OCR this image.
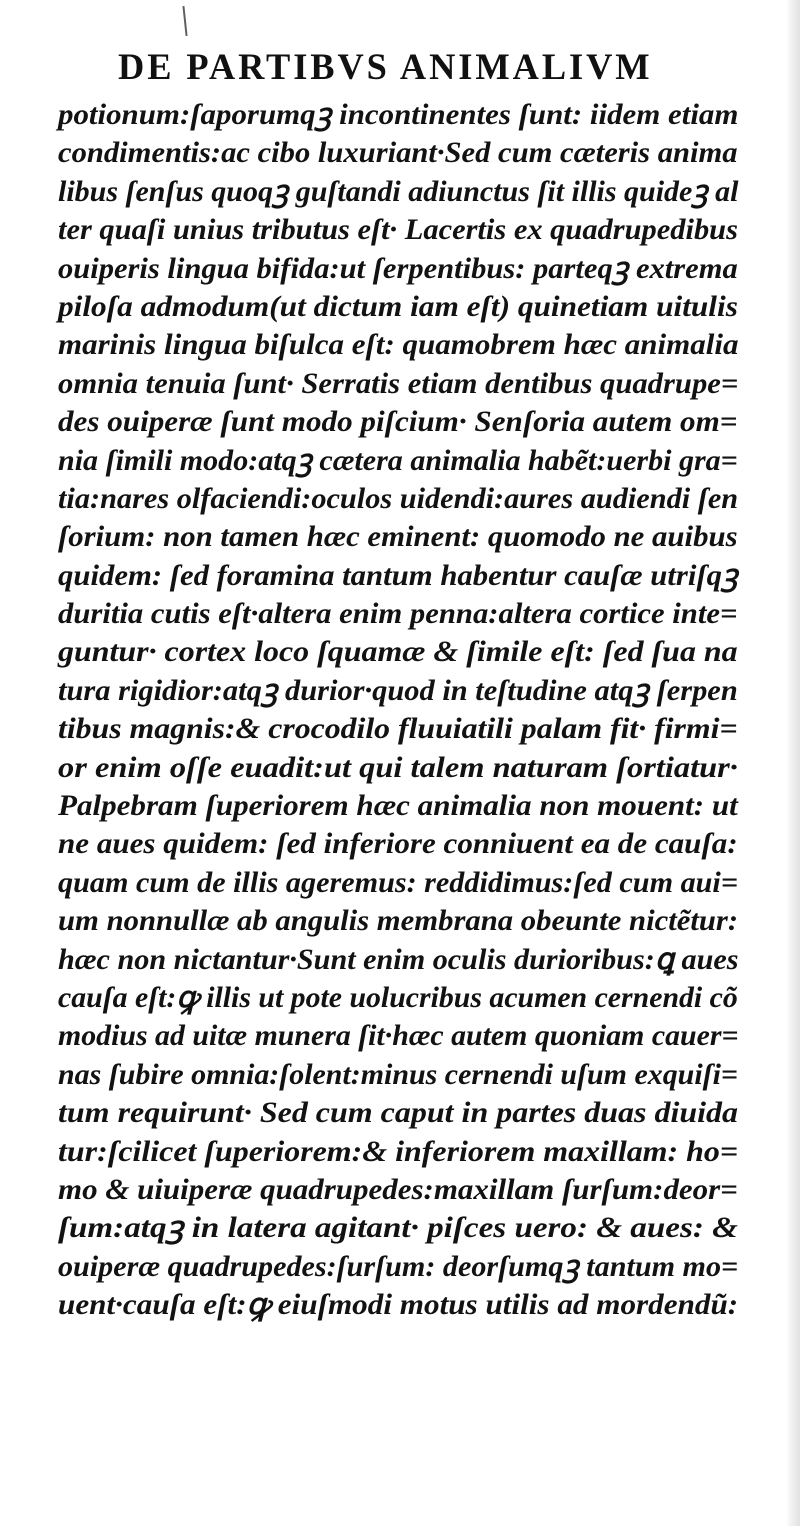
DE PARTIBVS ANIMALIVM
potionum:ſaporumqꝫ incontinentes ſunt: iidem etiam
condimentis:ac cibo luxuriant·Sed cum cæteris anima
libus ſenſus quoqꝫ guſtandi adiunctus ſit illis quideꝫ al
ter quaſi unius tributus eſt· Lacertis ex quadrupedibus
ouiperis lingua bifida:ut ſerpentibus: parteqꝫ extrema
piloſa admodum(ut dictum iam eſt) quinetiam uitulis
marinis lingua biſulca eſt: quamobrem hæc animalia
omnia tenuia ſunt· Serratis etiam dentibus quadrupe=
des ouiperæ ſunt modo piſcium· Senſoria autem om=
nia ſimili modo:atqꝫ cætera animalia habẽt:uerbi gra=
tia:nares olfaciendi:oculos uidendi:aures audiendi ſen
ſorium: non tamen hæc eminent: quomodo ne auibus
quidem: ſed foramina tantum habentur cauſæ utriſqꝫ
duritia cutis eſt·altera enim penna:altera cortice inte=
guntur· cortex loco ſquamæ & ſimile eſt: ſed ſua na
tura rigidior:atqꝫ durior·quod in teſtudine atqꝫ ſerpen
tibus magnis:& crocodilo fluuiatili palam fit· firmi=
or enim oſſe euadit:ut qui talem naturam ſortiatur·
Palpebram ſuperiorem hæc animalia non mouent: ut
ne aues quidem: ſed inferiore conniuent ea de cauſa:
quam cum de illis ageremus: reddidimus:ſed cum aui=
um nonnullæ ab angulis membrana obeunte nictẽtur:
hæc non nictantur·Sunt enim oculis durioribus:ꝗ aues
cauſa eſt:ꝙ illis ut pote uolucribus acumen cernendi cõ
modius ad uitæ munera ſit·hæc autem quoniam cauer=
nas ſubire omnia:ſolent:minus cernendi uſum exquiſi=
tum requirunt· Sed cum caput in partes duas diuida
tur:ſcilicet ſuperiorem:& inferiorem maxillam: ho=
mo & uiuiperæ quadrupedes:maxillam ſurſum:deor=
ſum:atqꝫ in latera agitant· piſces uero: & aues: &
ouiperæ quadrupedes:ſurſum: deorſumqꝫ tantum mo=
uent·cauſa eſt:ꝙ eiuſmodi motus utilis ad mordendũ:
